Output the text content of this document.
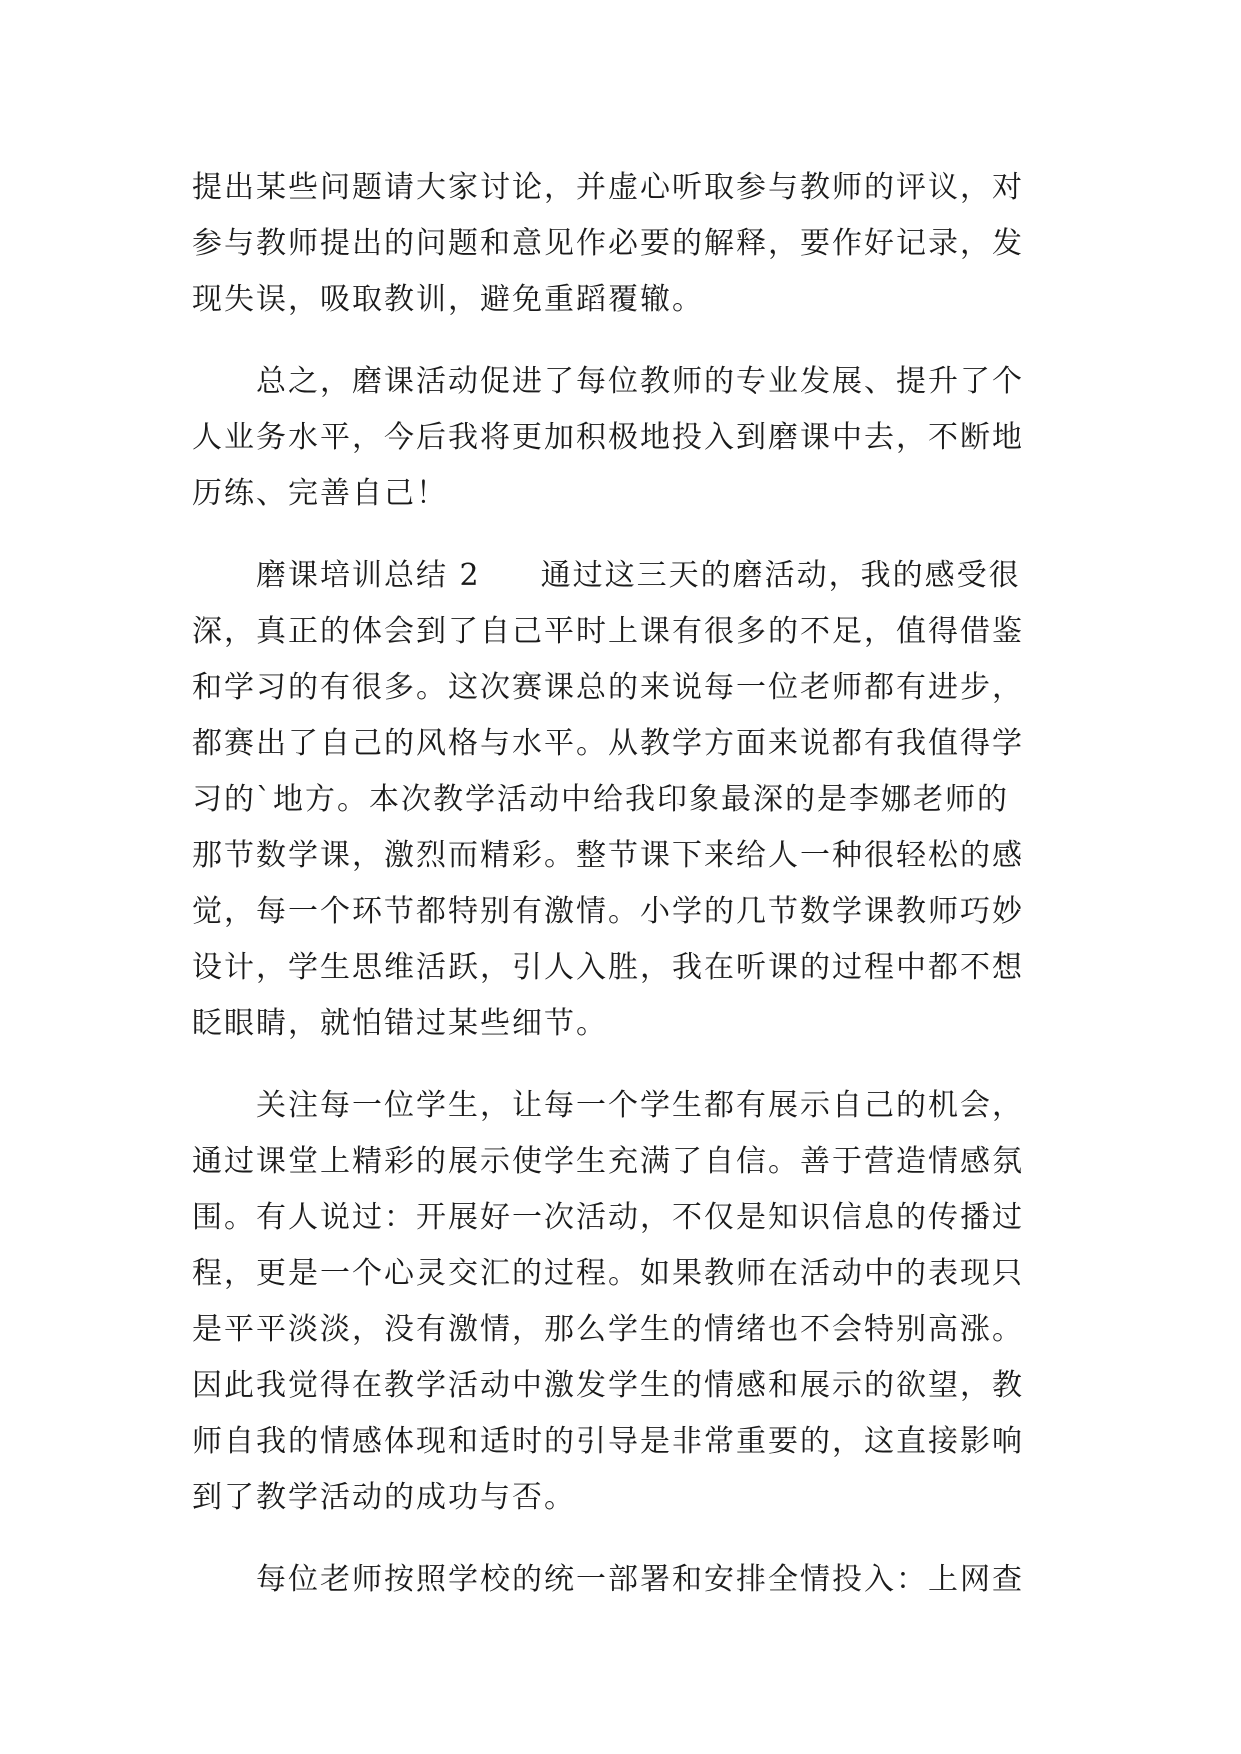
提出某些问题请大家讨论，并虚心听取参与教师的评议，对
参与教师提出的问题和意见作必要的解释，要作好记录，发
现失误，吸取教训，避免重蹈覆辙。
总之，磨课活动促进了每位教师的专业发展、提升了个
人业务水平，今后我将更加积极地投入到磨课中去，不断地
历练、完善自己！
磨课培训总结 2 通过这三天的磨活动，我的感受很
深，真正的体会到了自己平时上课有很多的不足，值得借鉴
和学习的有很多。这次赛课总的来说每一位老师都有进步，
都赛出了自己的风格与水平。从教学方面来说都有我值得学
习的`地方。本次教学活动中给我印象最深的是李娜老师的
那节数学课，激烈而精彩。整节课下来给人一种很轻松的感
觉，每一个环节都特别有激情。小学的几节数学课教师巧妙
设计，学生思维活跃，引人入胜，我在听课的过程中都不想
眨眼睛，就怕错过某些细节。
关注每一位学生，让每一个学生都有展示自己的机会，
通过课堂上精彩的展示使学生充满了自信。善于营造情感氛
围。有人说过：开展好一次活动，不仅是知识信息的传播过
程，更是一个心灵交汇的过程。如果教师在活动中的表现只
是平平淡淡，没有激情，那么学生的情绪也不会特别高涨。
因此我觉得在教学活动中激发学生的情感和展示的欲望，教
师自我的情感体现和适时的引导是非常重要的，这直接影响
到了教学活动的成功与否。
每位老师按照学校的统一部署和安排全情投入：上网查
